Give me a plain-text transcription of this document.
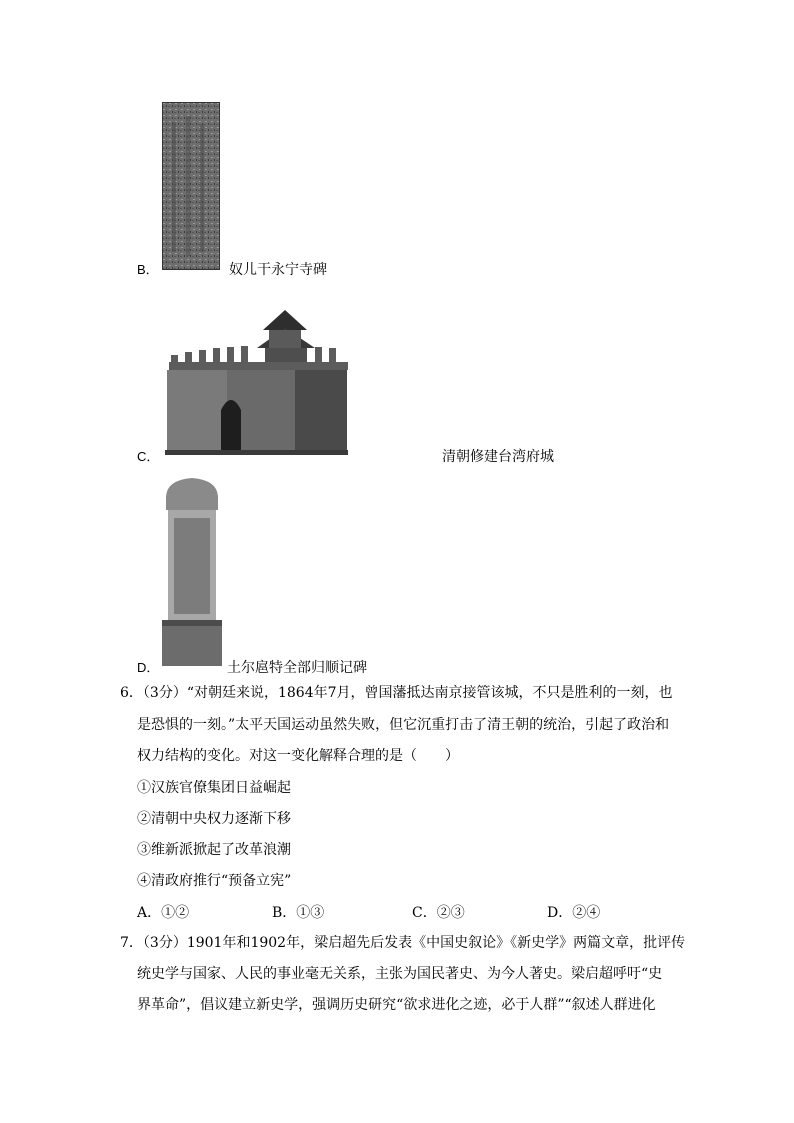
B．	奴儿干永宁寺碑
C．	清朝修建台湾府城
D．	土尔扈特全部归顺记碑
6．（3分）“对朝廷来说，1864年7月，曾国藩抵达南京接管该城，不只是胜利的一刻，也
是恐惧的一刻。”太平天国运动虽然失败，但它沉重打击了清王朝的统治，引起了政治和
权力结构的变化。对这一变化解释合理的是（　　）
①汉族官僚集团日益崛起
②清朝中央权力逐渐下移
③维新派掀起了改革浪潮
④清政府推行“预备立宪”
A．①②	B．①③	C．②③	D．②④
7．（3分）1901年和1902年，梁启超先后发表《中国史叙论》《新史学》两篇文章，批评传
统史学与国家、人民的事业毫无关系，主张为国民著史、为今人著史。梁启超呼吁“史
界革命”，倡议建立新史学，强调历史研究“欲求进化之迹，必于人群”“叙述人群进化
